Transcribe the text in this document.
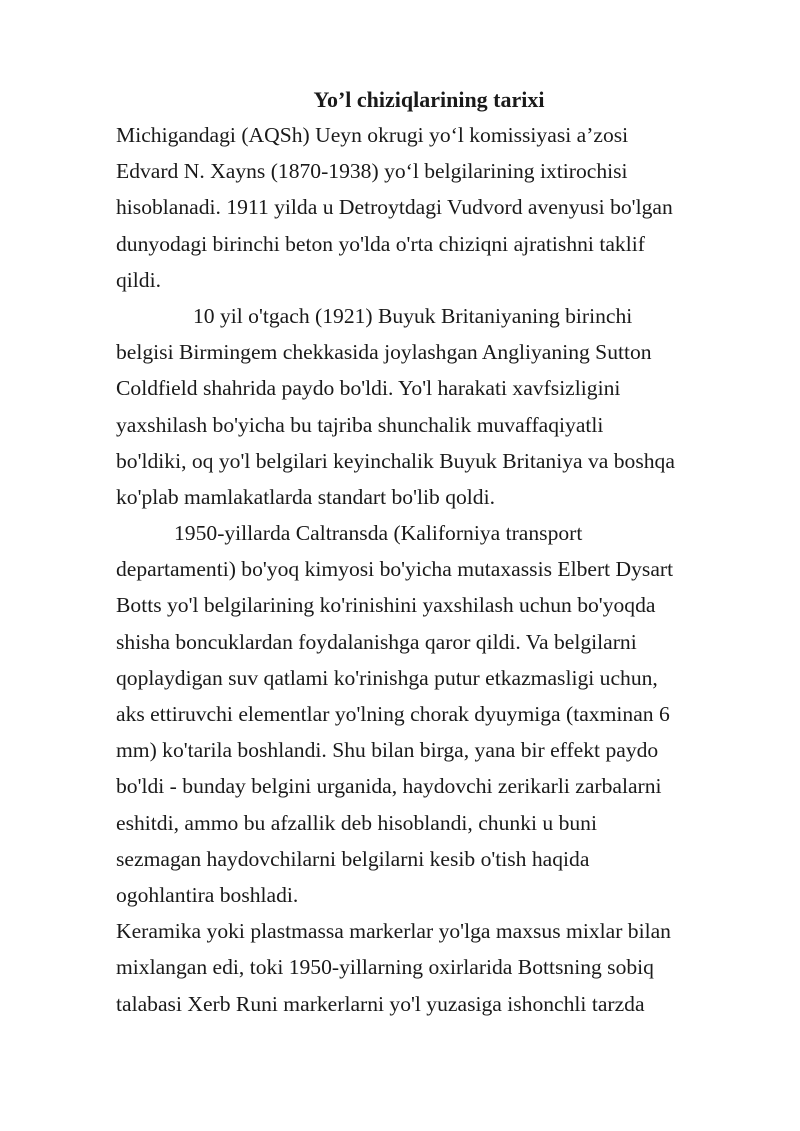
Yo’l chiziqlarining tarixi
Michigandagi (AQSh) Ueyn okrugi yo‘l komissiyasi a’zosi
Edvard N. Xayns (1870-1938) yo‘l belgilarining ixtirochisi
hisoblanadi. 1911 yilda u Detroytdagi Vudvord avenyusi bo'lgan
dunyodagi birinchi beton yo'lda o'rta chiziqni ajratishni taklif
qildi.
10 yil o'tgach (1921) Buyuk Britaniyaning birinchi
belgisi Birmingem chekkasida joylashgan Angliyaning Sutton
Coldfield shahrida paydo bo'ldi. Yo'l harakati xavfsizligini
yaxshilash bo'yicha bu tajriba shunchalik muvaffaqiyatli
bo'ldiki, oq yo'l belgilari keyinchalik Buyuk Britaniya va boshqa
ko'plab mamlakatlarda standart bo'lib qoldi.
1950-yillarda Caltransda (Kaliforniya transport
departamenti) bo'yoq kimyosi bo'yicha mutaxassis Elbert Dysart
Botts yo'l belgilarining ko'rinishini yaxshilash uchun bo'yoqda
shisha boncuklardan foydalanishga qaror qildi. Va belgilarni
qoplaydigan suv qatlami ko'rinishga putur etkazmasligi uchun,
aks ettiruvchi elementlar yo'lning chorak dyuymiga (taxminan 6
mm) ko'tarila boshlandi. Shu bilan birga, yana bir effekt paydo
bo'ldi - bunday belgini urganida, haydovchi zerikarli zarbalarni
eshitdi, ammo bu afzallik deb hisoblandi, chunki u buni
sezmagan haydovchilarni belgilarni kesib o'tish haqida
ogohlantira boshladi.
Keramika yoki plastmassa markerlar yo'lga maxsus mixlar bilan
mixlangan edi, toki 1950-yillarning oxirlarida Bottsning sobiq
talabasi Xerb Runi markerlarni yo'l yuzasiga ishonchli tarzda
